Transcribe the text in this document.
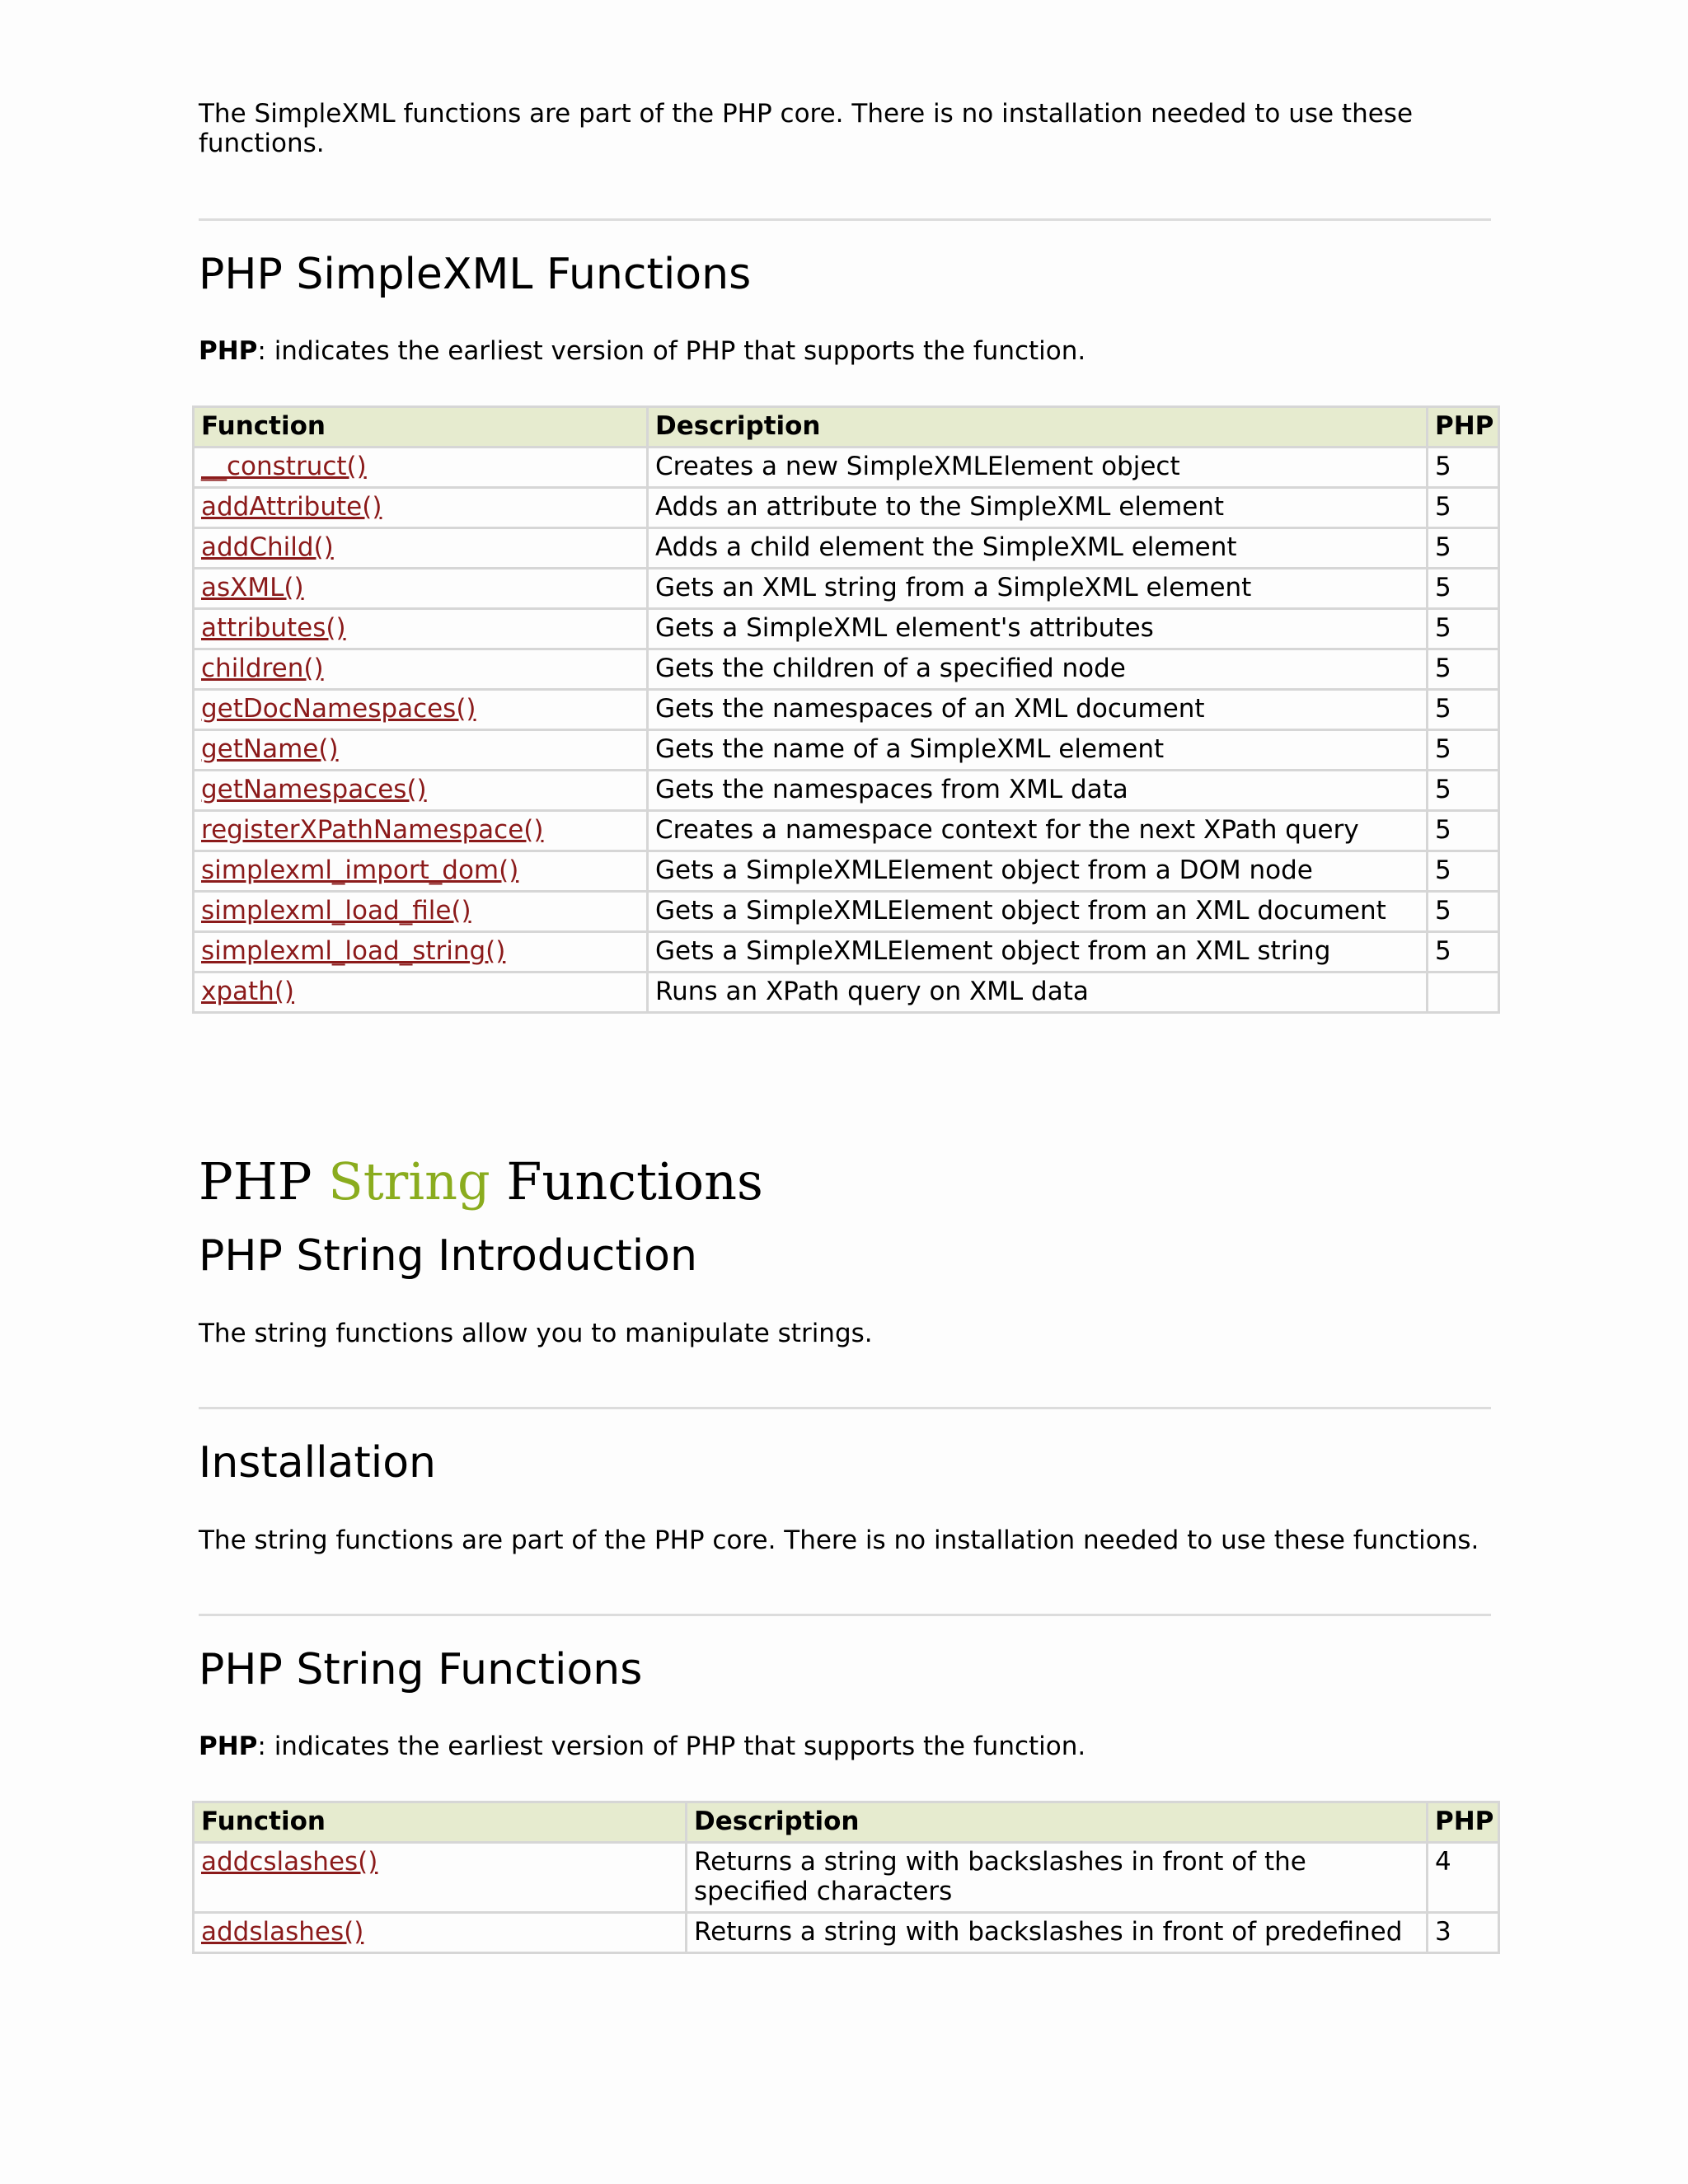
The SimpleXML functions are part of the PHP core. There is no installation needed to use these functions.

PHP SimpleXML Functions

PHP: indicates the earliest version of PHP that supports the function.

Function	Description	PHP
__construct()	Creates a new SimpleXMLElement object	5
addAttribute()	Adds an attribute to the SimpleXML element	5
addChild()	Adds a child element the SimpleXML element	5
asXML()	Gets an XML string from a SimpleXML element	5
attributes()	Gets a SimpleXML element's attributes	5
children()	Gets the children of a specified node	5
getDocNamespaces()	Gets the namespaces of an XML document	5
getName()	Gets the name of a SimpleXML element	5
getNamespaces()	Gets the namespaces from XML data	5
registerXPathNamespace()	Creates a namespace context for the next XPath query	5
simplexml_import_dom()	Gets a SimpleXMLElement object from a DOM node	5
simplexml_load_file()	Gets a SimpleXMLElement object from an XML document	5
simplexml_load_string()	Gets a SimpleXMLElement object from an XML string	5
xpath()	Runs an XPath query on XML data	
PHP String Functions
PHP String Introduction

The string functions allow you to manipulate strings.

Installation

The string functions are part of the PHP core. There is no installation needed to use these functions.

PHP String Functions

PHP: indicates the earliest version of PHP that supports the function.

Function	Description	PHP
addcslashes()	Returns a string with backslashes in front of the specified characters	4
addslashes()	Returns a string with backslashes in front of predefined	3
